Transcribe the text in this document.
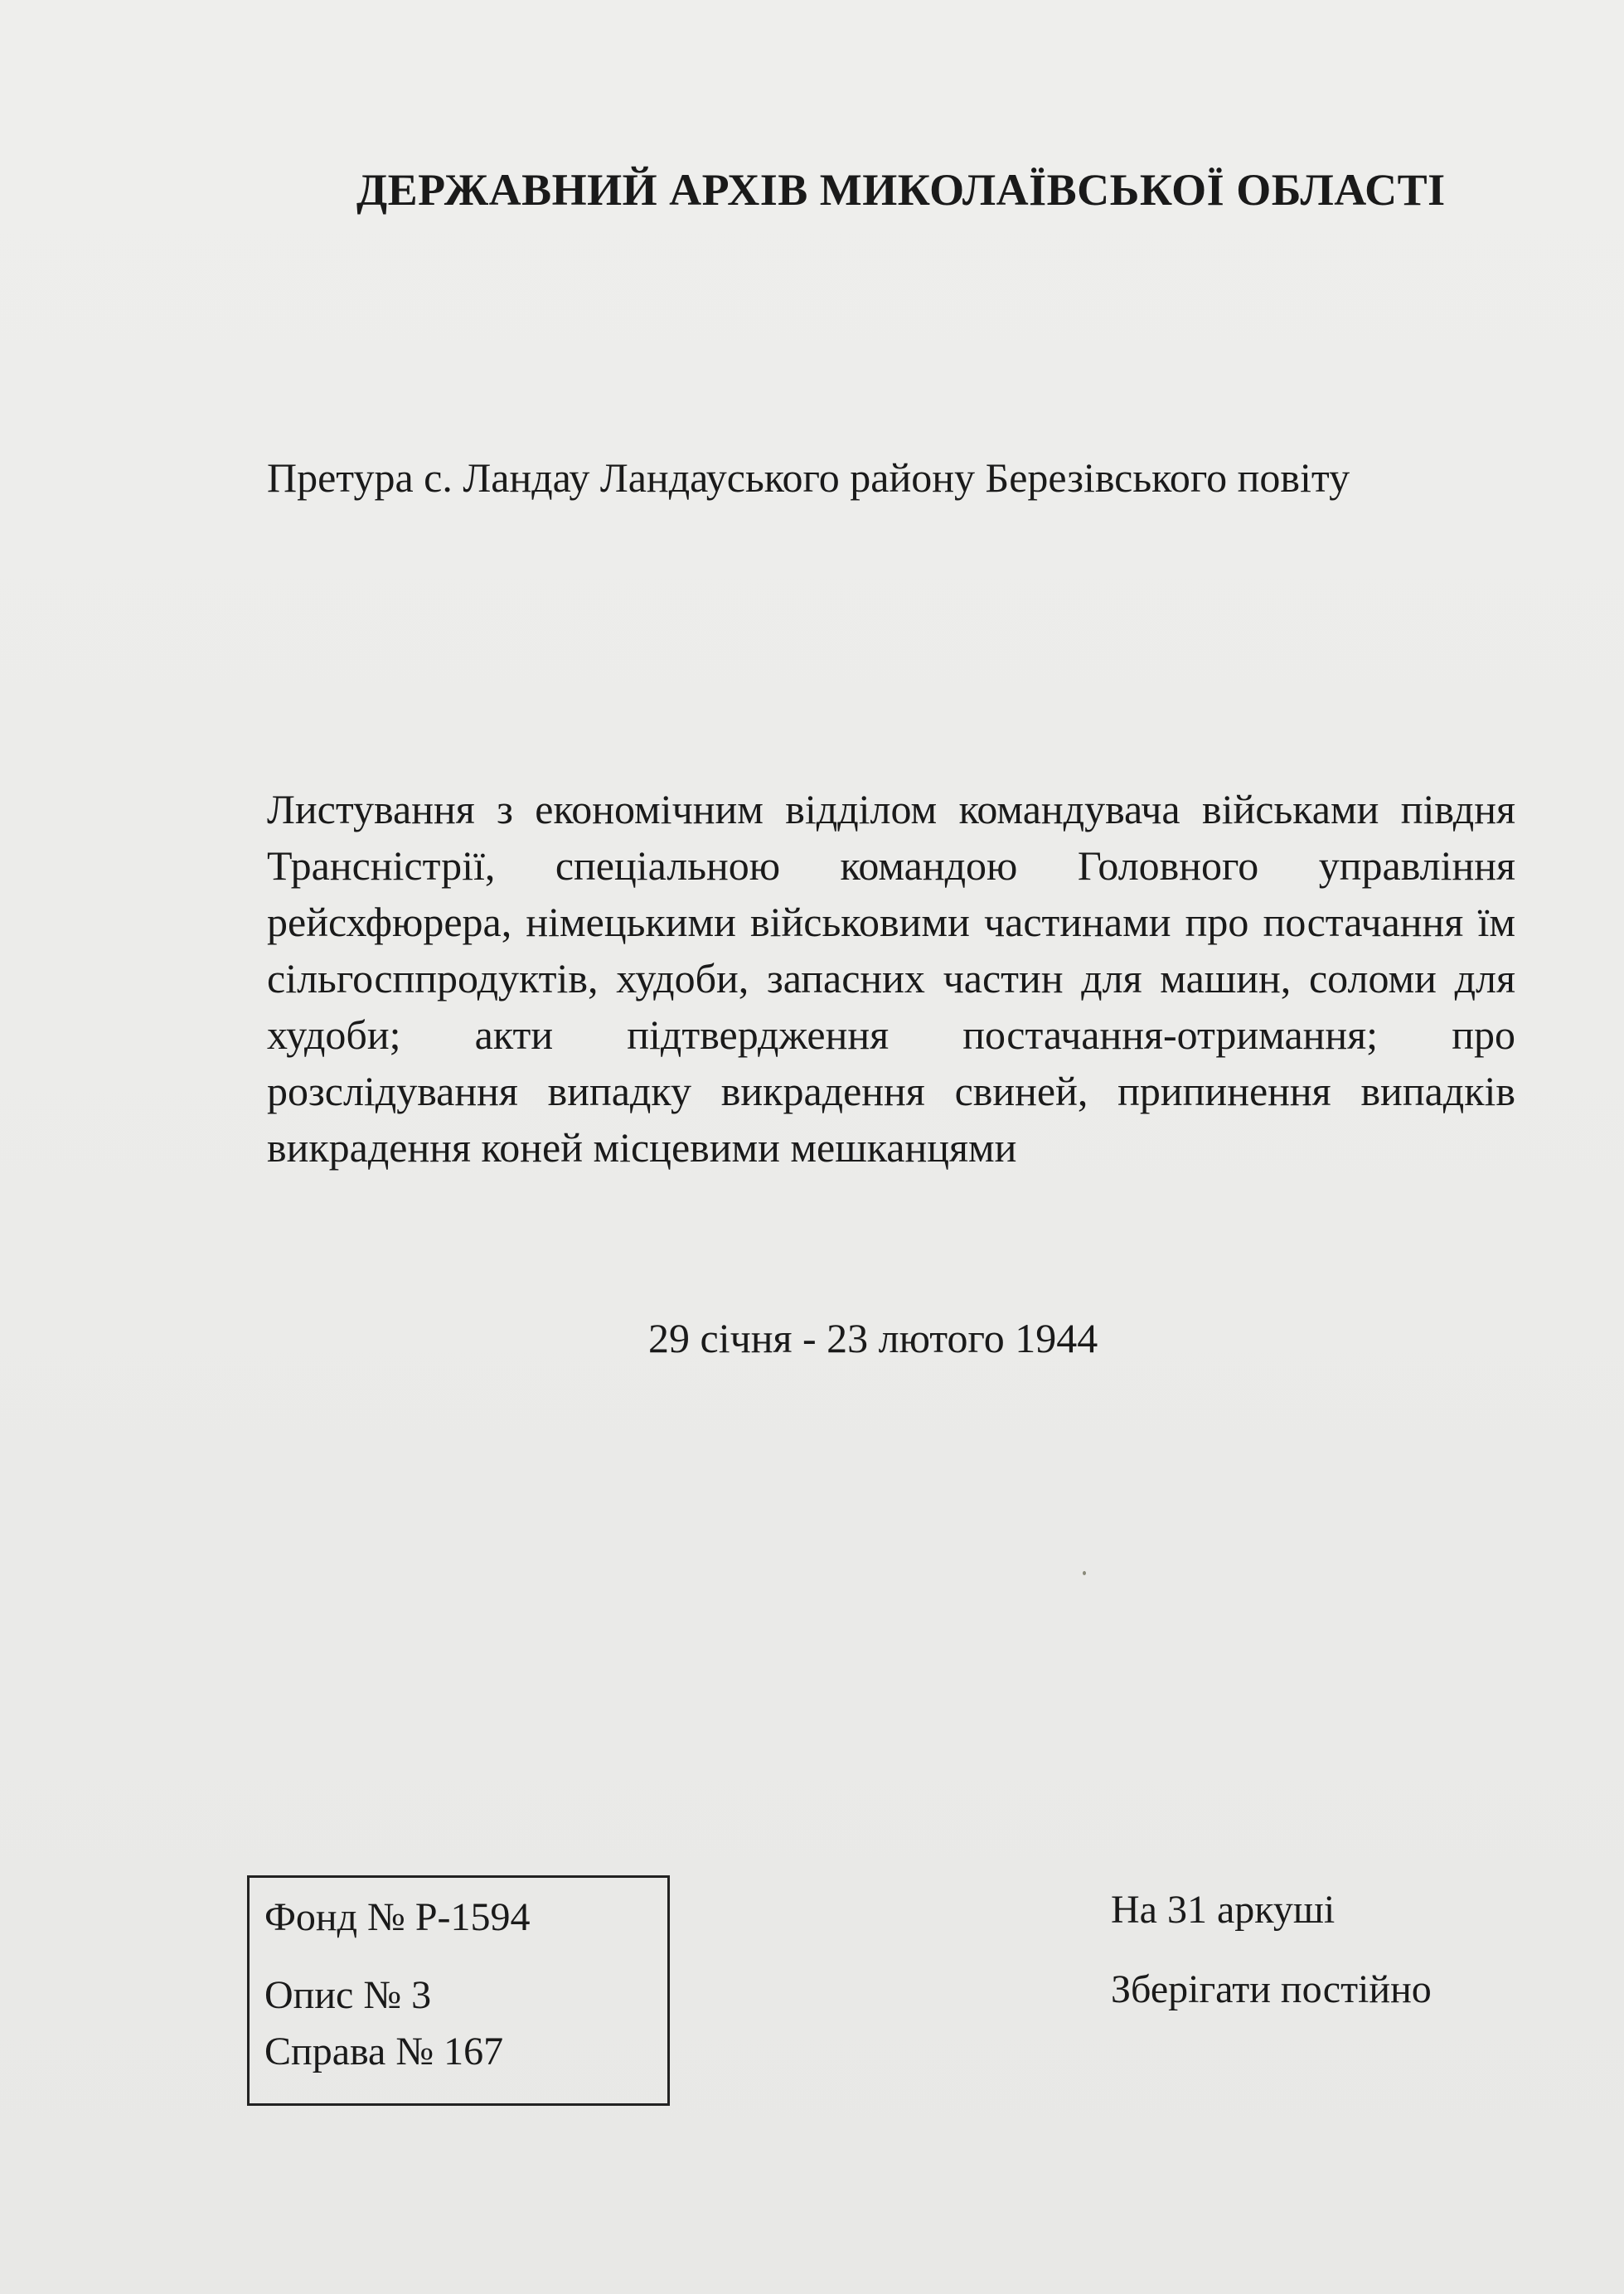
ДЕРЖАВНИЙ АРХІВ МИКОЛАЇВСЬКОЇ ОБЛАСТІ
Претура с. Ландау Ландауського району Березівського повіту
Листування з економічним відділом командувача військами півдня Трансністрії, спеціальною командою Головного управління рейсхфюрера, німецькими військовими частинами про постачання їм сільгосппродуктів, худоби, запасних частин для машин, соломи для худоби; акти підтвердження постачання-отримання; про розслідування випадку викрадення свиней, припинення випадків викрадення коней місцевими мешканцями
29 січня - 23 лютого 1944
Фонд № Р-1594
Опис № 3
Справа № 167
На 31 аркуші
Зберігати постійно
